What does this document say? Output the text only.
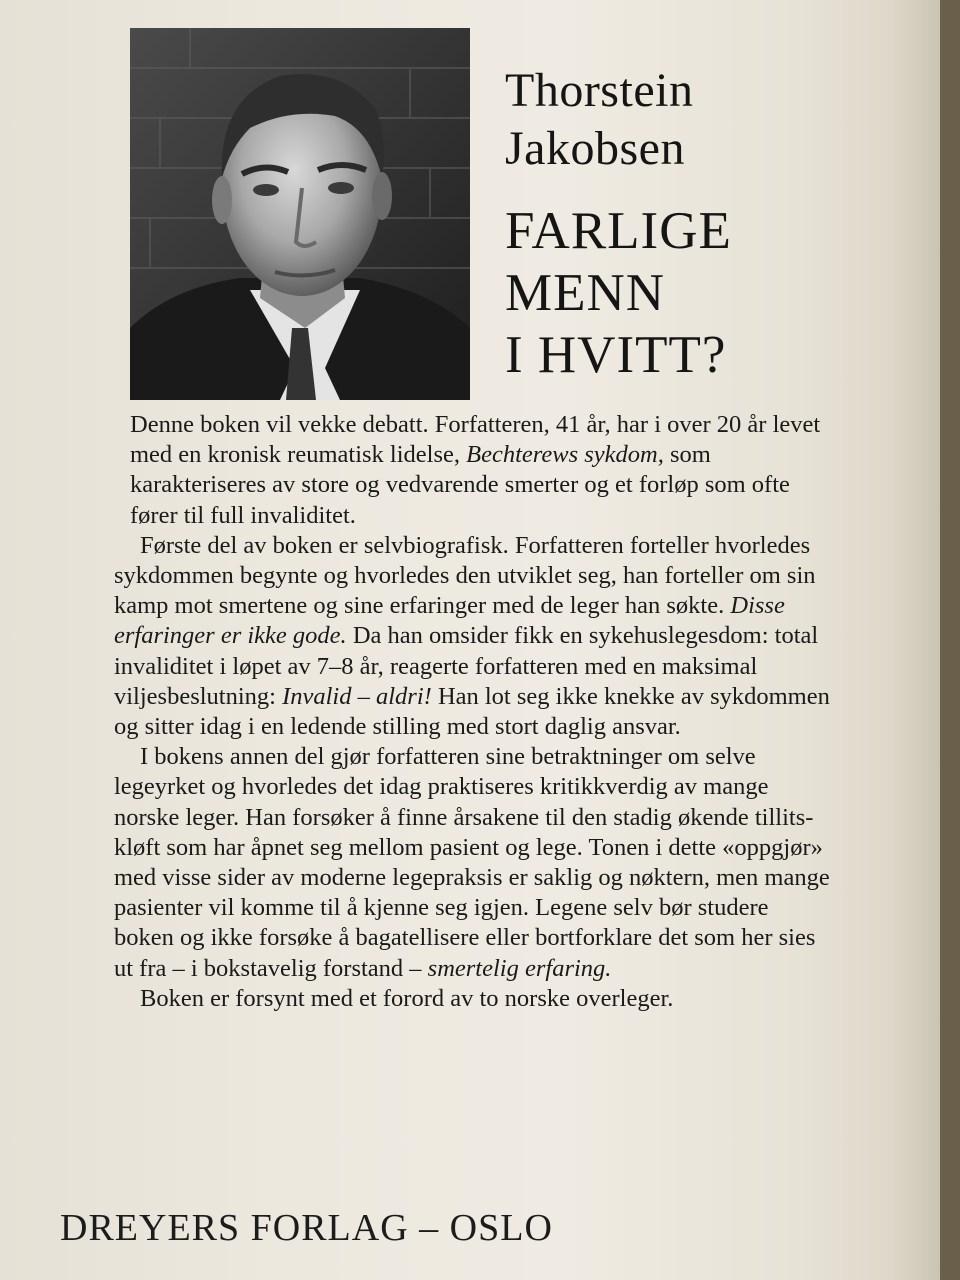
Thorstein
Jakobsen
FARLIGE
MENN
I HVITT?

Denne boken vil vekke debatt. Forfatteren, 41 år, har i over 20 år levet med en kronisk reumatisk lidelse, Bechterews sykdom, som karakteriseres av store og vedvarende smerter og et forløp som ofte fører til full invaliditet.

Første del av boken er selvbiografisk. Forfatteren forteller hvorledes sykdommen begynte og hvorledes den utviklet seg, han forteller om sin kamp mot smertene og sine erfaringer med de leger han søkte. Disse erfaringer er ikke gode. Da han omsider fikk en sykehuslegesdom: total invaliditet i løpet av 7–8 år, reagerte forfatteren med en maksimal viljesbeslutning: Invalid – aldri! Han lot seg ikke knekke av sykdommen og sitter idag i en ledende stilling med stort daglig ansvar.

I bokens annen del gjør forfatteren sine betraktninger om selve legeyrket og hvorledes det idag praktiseres kritikkverdig av mange norske leger. Han forsøker å finne årsakene til den stadig økende tillits-kløft som har åpnet seg mellom pasient og lege. Tonen i dette «oppgjør» med visse sider av moderne legepraksis er saklig og nøktern, men mange pasienter vil komme til å kjenne seg igjen. Legene selv bør studere boken og ikke forsøke å bagatellisere eller bortforklare det som her sies ut fra – i bokstavelig forstand – smertelig erfaring.

Boken er forsynt med et forord av to norske overleger.

DREYERS FORLAG – OSLO
